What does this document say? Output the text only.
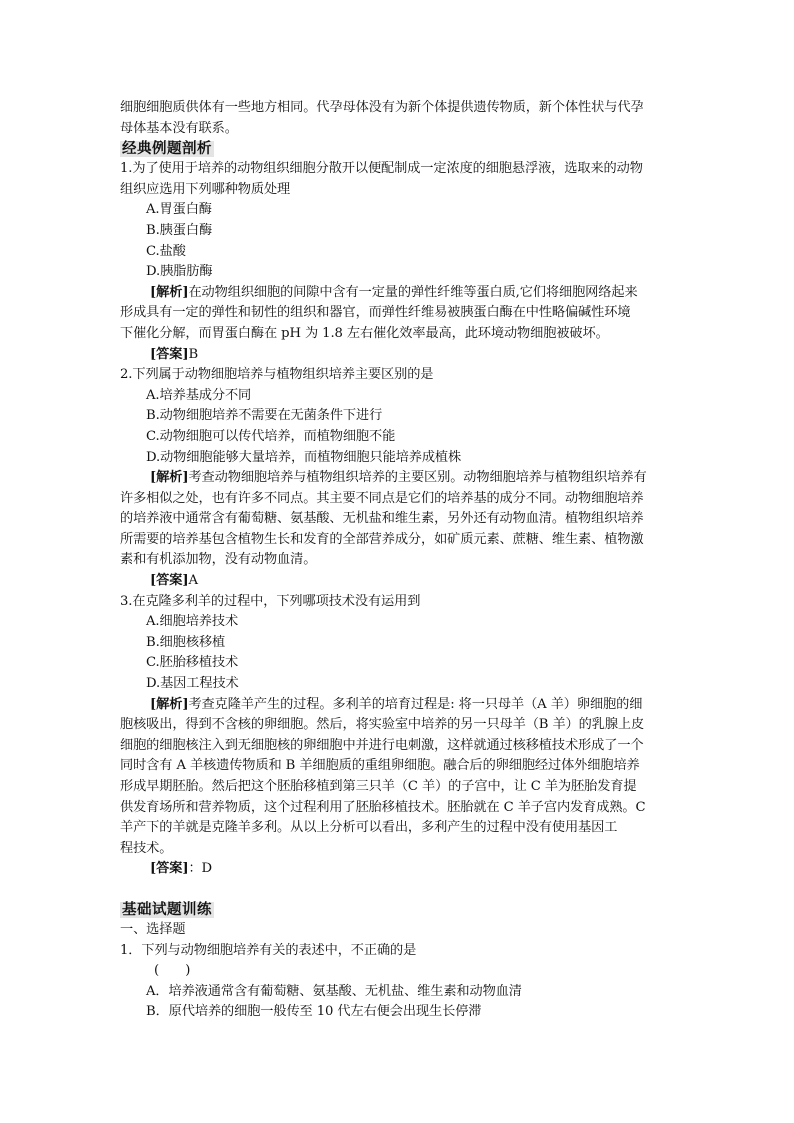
细胞细胞质供体有一些地方相同。代孕母体没有为新个体提供遗传物质，新个体性状与代孕
母体基本没有联系。
经典例题剖析
1.为了使用于培养的动物组织细胞分散开以便配制成一定浓度的细胞悬浮液，选取来的动物
组织应选用下列哪种物质处理
A.胃蛋白酶
B.胰蛋白酶
C.盐酸
D.胰脂肪酶
[解析]在动物组织细胞的间隙中含有一定量的弹性纤维等蛋白质,它们将细胞网络起来
形成具有一定的弹性和韧性的组织和器官，而弹性纤维易被胰蛋白酶在中性略偏碱性环境
下催化分解，而胃蛋白酶在 pH 为 1.8 左右催化效率最高，此环境动物细胞被破坏。
[答案]B
2.下列属于动物细胞培养与植物组织培养主要区别的是
A.培养基成分不同
B.动物细胞培养不需要在无菌条件下进行
C.动物细胞可以传代培养，而植物细胞不能
D.动物细胞能够大量培养，而植物细胞只能培养成植株
[解析]考查动物细胞培养与植物组织培养的主要区别。动物细胞培养与植物组织培养有
许多相似之处，也有许多不同点。其主要不同点是它们的培养基的成分不同。动物细胞培养
的培养液中通常含有葡萄糖、氨基酸、无机盐和维生素，另外还有动物血清。植物组织培养
所需要的培养基包含植物生长和发育的全部营养成分，如矿质元素、蔗糖、维生素、植物激
素和有机添加物，没有动物血清。
[答案]A
3.在克隆多利羊的过程中，下列哪项技术没有运用到
A.细胞培养技术
B.细胞核移植
C.胚胎移植技术
D.基因工程技术
[解析]考查克隆羊产生的过程。多利羊的培育过程是: 将一只母羊（A 羊）卵细胞的细
胞核吸出，得到不含核的卵细胞。然后，将实验室中培养的另一只母羊（B 羊）的乳腺上皮
细胞的细胞核注入到无细胞核的卵细胞中并进行电刺激，这样就通过核移植技术形成了一个
同时含有 A 羊核遗传物质和 B 羊细胞质的重组卵细胞。融合后的卵细胞经过体外细胞培养
形成早期胚胎。然后把这个胚胎移植到第三只羊（C 羊）的子宫中，让 C 羊为胚胎发育提
供发育场所和营养物质，这个过程利用了胚胎移植技术。胚胎就在 C 羊子宫内发育成熟。C
羊产下的羊就是克隆羊多利。从以上分析可以看出，多利产生的过程中没有使用基因工
程技术。
[答案]：D
基础试题训练
一、选择题
1．下列与动物细胞培养有关的表述中，不正确的是
(　　)
A．培养液通常含有葡萄糖、氨基酸、无机盐、维生素和动物血清
B．原代培养的细胞一般传至 10 代左右便会出现生长停滞
